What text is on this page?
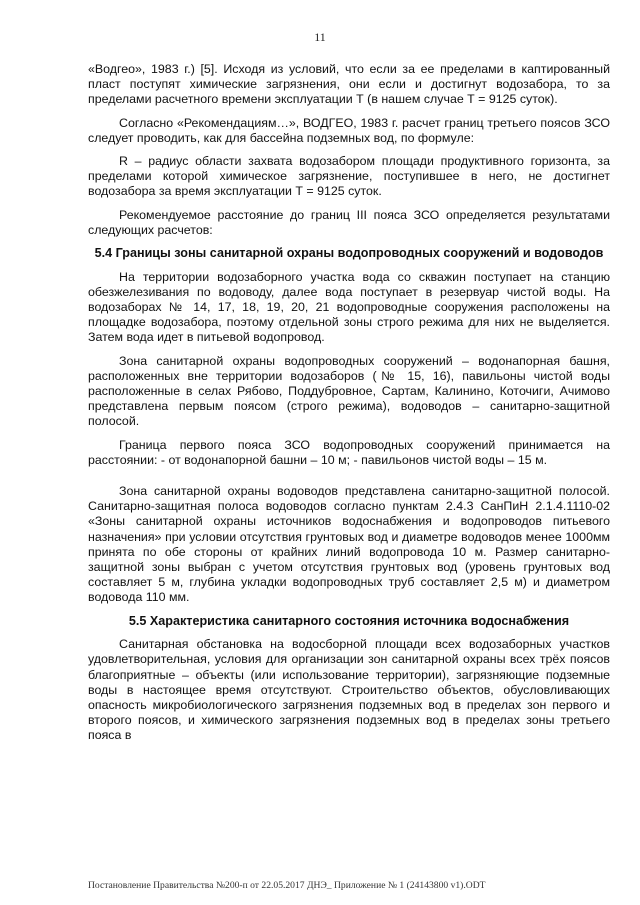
11

«Водгео», 1983 г.) [5]. Исходя из условий, что если за ее пределами в каптированный пласт поступят химические загрязнения, они если и достигнут водозабора, то за пределами расчетного времени эксплуатации Т (в нашем случае Т = 9125 суток).

Согласно «Рекомендациям…», ВОДГЕО, 1983 г. расчет границ третьего поясов ЗСО следует проводить, как для бассейна подземных вод, по формуле:

R – радиус области захвата водозабором площади продуктивного горизонта, за пределами которой химическое загрязнение, поступившее в него, не достигнет водозабора за время эксплуатации Т = 9125 суток.

Рекомендуемое расстояние до границ III пояса ЗСО определяется результатами следующих расчетов:

5.4 Границы зоны санитарной охраны водопроводных сооружений и водоводов

На территории водозаборного участка вода со скважин поступает на станцию обезжелезивания по водоводу, далее вода поступает в резервуар чистой воды. На водозаборах № 14, 17, 18, 19, 20, 21 водопроводные сооружения расположены на площадке водозабора, поэтому отдельной зоны строго режима для них не выделяется. Затем вода идет в питьевой водопровод.

Зона санитарной охраны водопроводных сооружений – водонапорная башня, расположенных вне территории водозаборов (№ 15, 16), павильоны чистой воды расположенные в селах Рябово, Поддубровное, Сартам, Калинино, Коточиги, Ачимово представлена первым поясом (строго режима), водоводов – санитарно-защитной полосой.

Граница первого пояса ЗСО водопроводных сооружений принимается на расстоянии: - от водонапорной башни – 10 м; - павильонов чистой воды – 15 м.

Зона санитарной охраны водоводов представлена санитарно-защитной полосой. Санитарно-защитная полоса водоводов согласно пунктам 2.4.3 СанПиН 2.1.4.1110-02 «Зоны санитарной охраны источников водоснабжения и водопроводов питьевого назначения» при условии отсутствия грунтовых вод и диаметре водоводов менее 1000мм принята по обе стороны от крайних линий водопровода 10 м. Размер санитарно-защитной зоны выбран с учетом отсутствия грунтовых вод (уровень грунтовых вод составляет 5 м, глубина укладки водопроводных труб составляет 2,5 м) и диаметром водовода 110 мм.

5.5 Характеристика санитарного состояния источника водоснабжения

Санитарная обстановка на водосборной площади всех водозаборных участков удовлетворительная, условия для организации зон санитарной охраны всех трёх поясов благоприятные – объекты (или использование территории), загрязняющие подземные воды в настоящее время отсутствуют. Строительство объектов, обусловливающих опасность микробиологического загрязнения подземных вод в пределах зон первого и второго поясов, и химического загрязнения подземных вод в пределах зоны третьего пояса в

Постановление Правительства №200-п от 22.05.2017 ДНЭ_ Приложение № 1 (24143800 v1).ODT
